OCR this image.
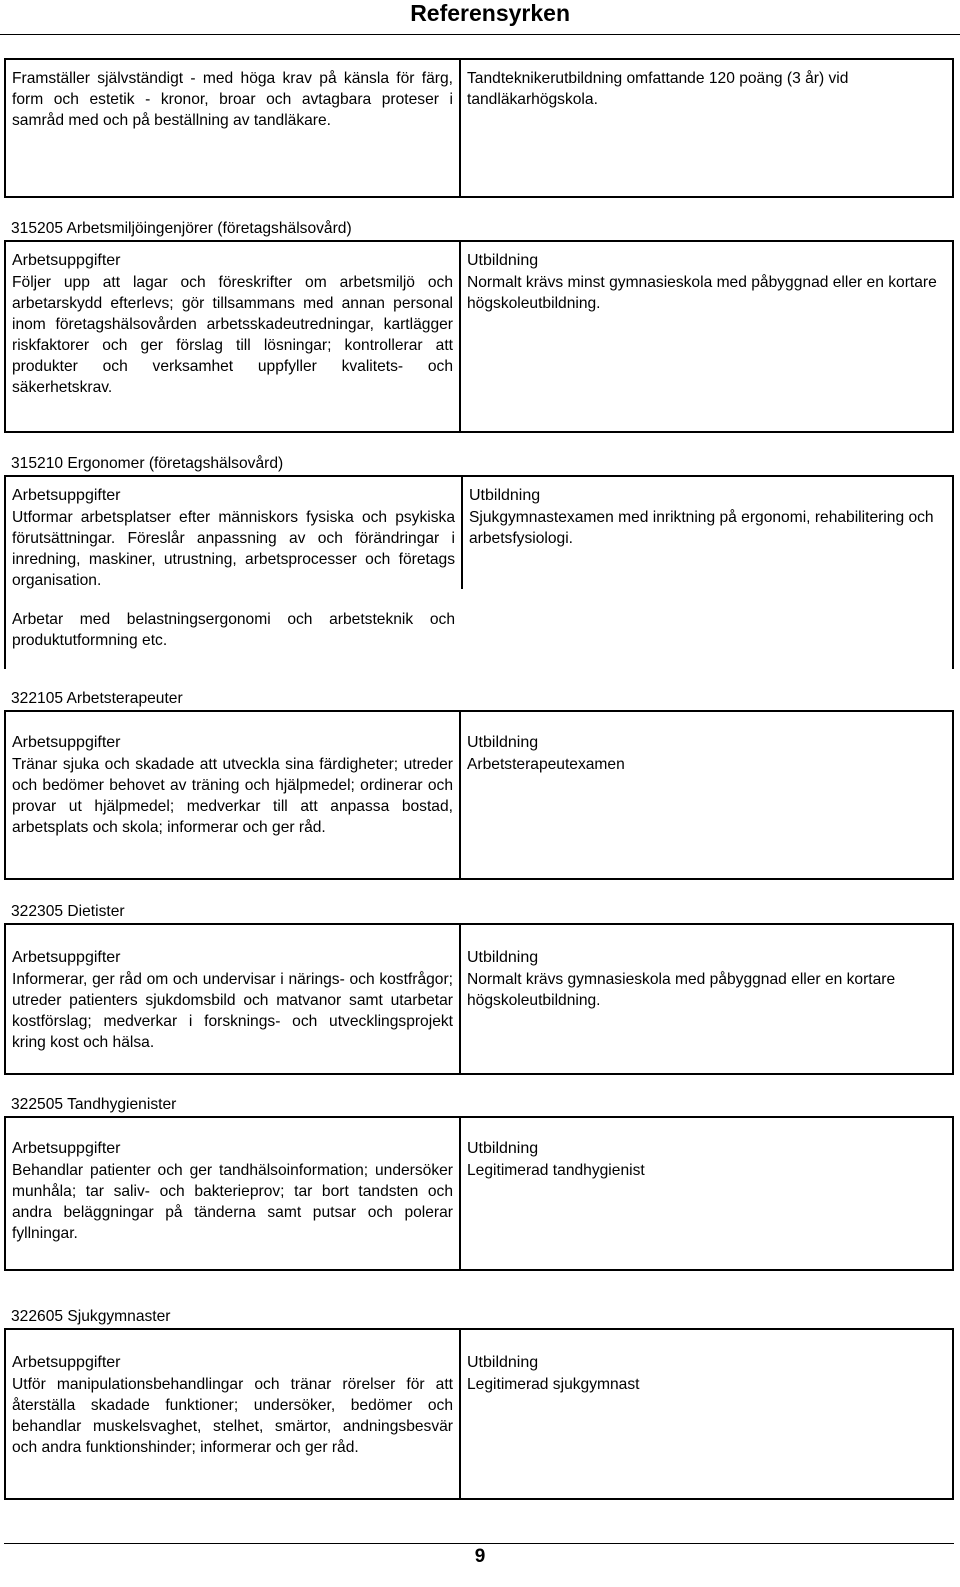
Referensyrken
Framställer självständigt - med höga krav på känsla för färg, form och estetik - kronor, broar och avtagbara proteser i samråd med och på beställning av tandläkare.
Tandteknikerutbildning omfattande 120 poäng (3 år) vid tandläkarhögskola.
315205 Arbetsmiljöingenjörer (företagshälsovård)
Arbetsuppgifter
Följer upp att lagar och föreskrifter om arbetsmiljö och arbetarskydd efterlevs; gör tillsammans med annan personal inom företagshälsovården arbetsskadeutredningar, kartlägger riskfaktorer och ger förslag till lösningar; kontrollerar att produkter och verksamhet uppfyller kvalitets- och säkerhetskrav.
Utbildning
Normalt krävs minst gymnasieskola med påbyggnad eller en kortare högskoleutbildning.
315210 Ergonomer (företagshälsovård)
Arbetsuppgifter
Utformar arbetsplatser efter människors fysiska och psykiska förutsättningar. Föreslår anpassning av och förändringar i inredning, maskiner, utrustning, arbetsprocesser och företags organisation.
Arbetar med belastningsergonomi och arbetsteknik och produktutformning etc.
Utbildning
Sjukgymnastexamen med inriktning på ergonomi, rehabilitering och arbetsfysiologi.
322105 Arbetsterapeuter
Arbetsuppgifter
Tränar sjuka och skadade att utveckla sina färdigheter; utreder och bedömer behovet av träning och hjälpmedel; ordinerar och provar ut hjälpmedel; medverkar till att anpassa bostad, arbetsplats och skola; informerar och ger råd.
Utbildning
Arbetsterapeutexamen
322305 Dietister
Arbetsuppgifter
Informerar, ger råd om och undervisar i närings- och kostfrågor; utreder patienters sjukdomsbild och matvanor samt utarbetar kostförslag; medverkar i forsknings- och utvecklingsprojekt kring kost och hälsa.
Utbildning
Normalt krävs gymnasieskola med påbyggnad eller en kortare högskoleutbildning.
322505 Tandhygienister
Arbetsuppgifter
Behandlar patienter och ger tandhälsoinformation; undersöker munhåla; tar saliv- och bakterieprov; tar bort tandsten och andra beläggningar på tänderna samt putsar och polerar fyllningar.
Utbildning
Legitimerad tandhygienist
322605 Sjukgymnaster
Arbetsuppgifter
Utför manipulationsbehandlingar och tränar rörelser för att återställa skadade funktioner; undersöker, bedömer och behandlar muskelsvaghet, stelhet, smärtor, andningsbesvär och andra funktionshinder; informerar och ger råd.
Utbildning
Legitimerad sjukgymnast
9
